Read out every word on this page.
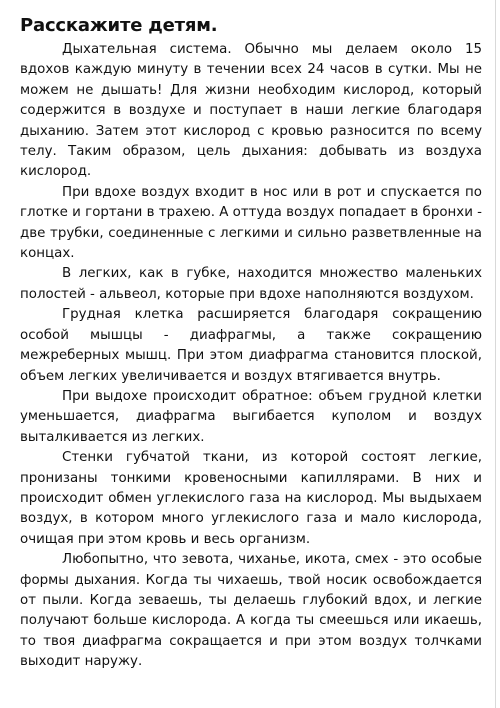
Расскажите детям.

Дыхательная система. Обычно мы делаем около 15 вдохов каждую минуту в течении всех 24 часов в сутки. Мы не можем не дышать! Для жизни необходим кислород, который содержится в воздухе и поступает в наши легкие благодаря дыханию. Затем этот кислород с кровью разносится по всему телу. Таким образом, цель дыхания: добывать из воздуха кислород.

При вдохе воздух входит в нос или в рот и спускается по глотке и гортани в трахею. А оттуда воздух попадает в бронхи - две трубки, соединенные с легкими и сильно разветвленные на концах.

В легких, как в губке, находится множество маленьких полостей - альвеол, которые при вдохе наполняются воздухом.

Грудная клетка расширяется благодаря сокращению особой мышцы - диафрагмы, а также сокращению межреберных мышц. При этом диафрагма становится плоской, объем легких увеличивается и воздух втягивается внутрь.

При выдохе происходит обратное: объем грудной клетки уменьшается, диафрагма выгибается куполом и воздух выталкивается из легких.

Стенки губчатой ткани, из которой состоят легкие, пронизаны тонкими кровеносными капиллярами. В них и происходит обмен углекислого газа на кислород. Мы выдыхаем воздух, в котором много углекислого газа и мало кислорода, очищая при этом кровь и весь организм.

Любопытно, что зевота, чиханье, икота, смех - это особые формы дыхания. Когда ты чихаешь, твой носик освобождается от пыли. Когда зеваешь, ты делаешь глубокий вдох, и легкие получают больше кислорода. А когда ты смеешься или икаешь, то твоя диафрагма сокращается и при этом воздух толчками выходит наружу.
